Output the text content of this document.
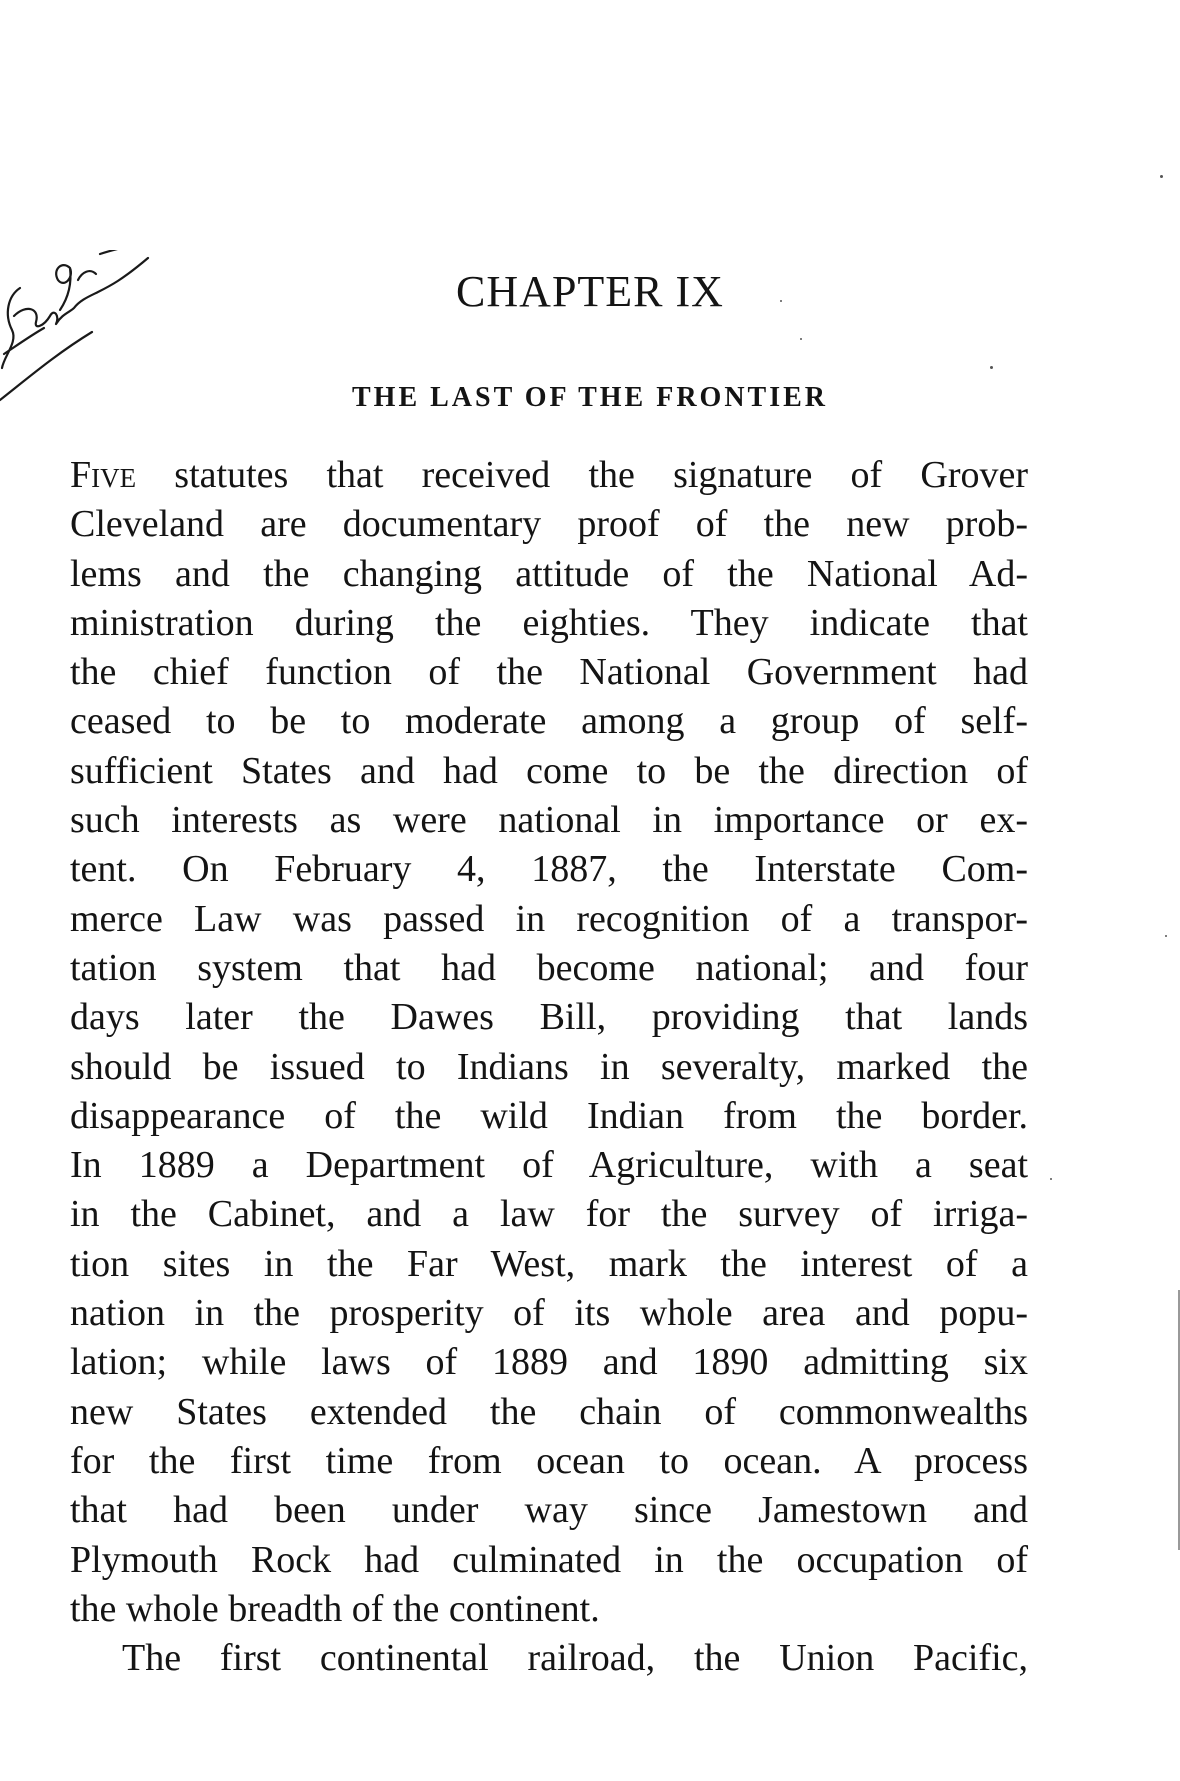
CHAPTER IX
THE LAST OF THE FRONTIER
Five statutes that received the signature of Grover
Cleveland are documentary proof of the new prob-
lems and the changing attitude of the National Ad-
ministration during the eighties. They indicate that
the chief function of the National Government had
ceased to be to moderate among a group of self-
sufficient States and had come to be the direction of
such interests as were national in importance or ex-
tent. On February 4, 1887, the Interstate Com-
merce Law was passed in recognition of a transpor-
tation system that had become national; and four
days later the Dawes Bill, providing that lands
should be issued to Indians in severalty, marked the
disappearance of the wild Indian from the border.
In 1889 a Department of Agriculture, with a seat
in the Cabinet, and a law for the survey of irriga-
tion sites in the Far West, mark the interest of a
nation in the prosperity of its whole area and popu-
lation; while laws of 1889 and 1890 admitting six
new States extended the chain of commonwealths
for the first time from ocean to ocean. A process
that had been under way since Jamestown and
Plymouth Rock had culminated in the occupation of
the whole breadth of the continent.
The first continental railroad, the Union Pacific,
